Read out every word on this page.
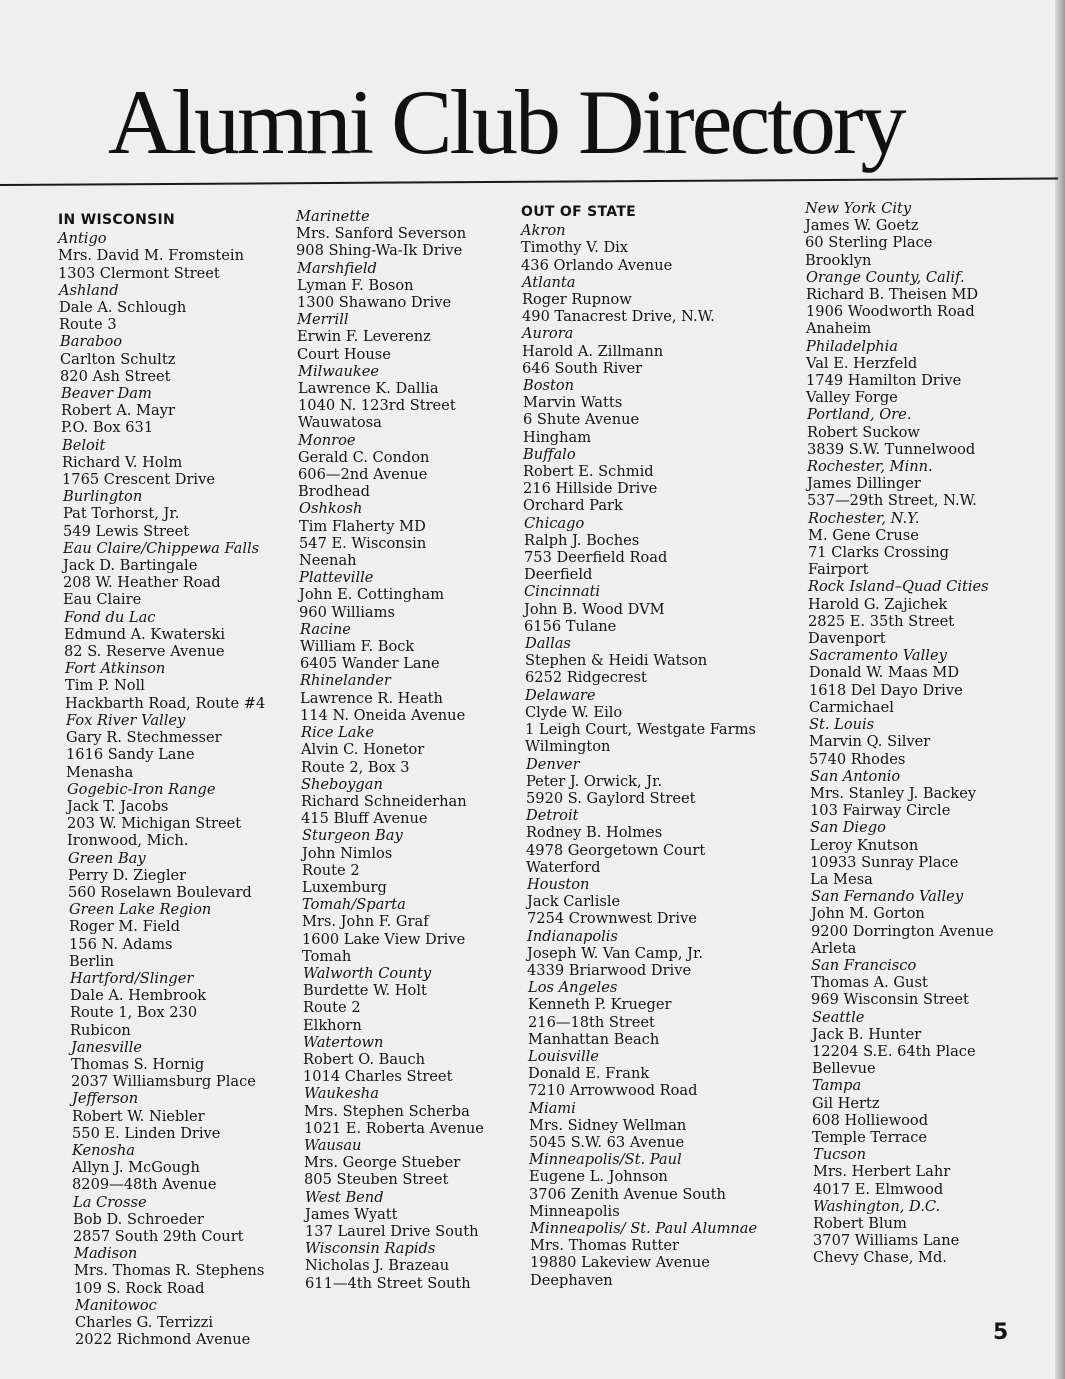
Alumni Club Directory
IN WISCONSIN
Antigo
Mrs. David M. Fromstein
1303 Clermont Street
Ashland
Dale A. Schlough
Route 3
Baraboo
Carlton Schultz
820 Ash Street
Beaver Dam
Robert A. Mayr
P.O. Box 631
Beloit
Richard V. Holm
1765 Crescent Drive
Burlington
Pat Torhorst, Jr.
549 Lewis Street
Eau Claire/Chippewa Falls
Jack D. Bartingale
208 W. Heather Road
Eau Claire
Fond du Lac
Edmund A. Kwaterski
82 S. Reserve Avenue
Fort Atkinson
Tim P. Noll
Hackbarth Road, Route #4
Fox River Valley
Gary R. Stechmesser
1616 Sandy Lane
Menasha
Gogebic-Iron Range
Jack T. Jacobs
203 W. Michigan Street
Ironwood, Mich.
Green Bay
Perry D. Ziegler
560 Roselawn Boulevard
Green Lake Region
Roger M. Field
156 N. Adams
Berlin
Hartford/Slinger
Dale A. Hembrook
Route 1, Box 230
Rubicon
Janesville
Thomas S. Hornig
2037 Williamsburg Place
Jefferson
Robert W. Niebler
550 E. Linden Drive
Kenosha
Allyn J. McGough
8209—48th Avenue
La Crosse
Bob D. Schroeder
2857 South 29th Court
Madison
Mrs. Thomas R. Stephens
109 S. Rock Road
Manitowoc
Charles G. Terrizzi
2022 Richmond Avenue
Marinette
Mrs. Sanford Severson
908 Shing-Wa-Ik Drive
Marshfield
Lyman F. Boson
1300 Shawano Drive
Merrill
Erwin F. Leverenz
Court House
Milwaukee
Lawrence K. Dallia
1040 N. 123rd Street
Wauwatosa
Monroe
Gerald C. Condon
606—2nd Avenue
Brodhead
Oshkosh
Tim Flaherty MD
547 E. Wisconsin
Neenah
Platteville
John E. Cottingham
960 Williams
Racine
William F. Bock
6405 Wander Lane
Rhinelander
Lawrence R. Heath
114 N. Oneida Avenue
Rice Lake
Alvin C. Honetor
Route 2, Box 3
Sheboygan
Richard Schneiderhan
415 Bluff Avenue
Sturgeon Bay
John Nimlos
Route 2
Luxemburg
Tomah/Sparta
Mrs. John F. Graf
1600 Lake View Drive
Tomah
Walworth County
Burdette W. Holt
Route 2
Elkhorn
Watertown
Robert O. Bauch
1014 Charles Street
Waukesha
Mrs. Stephen Scherba
1021 E. Roberta Avenue
Wausau
Mrs. George Stueber
805 Steuben Street
West Bend
James Wyatt
137 Laurel Drive South
Wisconsin Rapids
Nicholas J. Brazeau
611—4th Street South
OUT OF STATE
Akron
Timothy V. Dix
436 Orlando Avenue
Atlanta
Roger Rupnow
490 Tanacrest Drive, N.W.
Aurora
Harold A. Zillmann
646 South River
Boston
Marvin Watts
6 Shute Avenue
Hingham
Buffalo
Robert E. Schmid
216 Hillside Drive
Orchard Park
Chicago
Ralph J. Boches
753 Deerfield Road
Deerfield
Cincinnati
John B. Wood DVM
6156 Tulane
Dallas
Stephen & Heidi Watson
6252 Ridgecrest
Delaware
Clyde W. Eilo
1 Leigh Court, Westgate Farms
Wilmington
Denver
Peter J. Orwick, Jr.
5920 S. Gaylord Street
Detroit
Rodney B. Holmes
4978 Georgetown Court
Waterford
Houston
Jack Carlisle
7254 Crownwest Drive
Indianapolis
Joseph W. Van Camp, Jr.
4339 Briarwood Drive
Los Angeles
Kenneth P. Krueger
216—18th Street
Manhattan Beach
Louisville
Donald E. Frank
7210 Arrowwood Road
Miami
Mrs. Sidney Wellman
5045 S.W. 63 Avenue
Minneapolis/St. Paul
Eugene L. Johnson
3706 Zenith Avenue South
Minneapolis
Minneapolis/ St. Paul Alumnae
Mrs. Thomas Rutter
19880 Lakeview Avenue
Deephaven
New York City
James W. Goetz
60 Sterling Place
Brooklyn
Orange County, Calif.
Richard B. Theisen MD
1906 Woodworth Road
Anaheim
Philadelphia
Val E. Herzfeld
1749 Hamilton Drive
Valley Forge
Portland, Ore.
Robert Suckow
3839 S.W. Tunnelwood
Rochester, Minn.
James Dillinger
537—29th Street, N.W.
Rochester, N.Y.
M. Gene Cruse
71 Clarks Crossing
Fairport
Rock Island–Quad Cities
Harold G. Zajichek
2825 E. 35th Street
Davenport
Sacramento Valley
Donald W. Maas MD
1618 Del Dayo Drive
Carmichael
St. Louis
Marvin Q. Silver
5740 Rhodes
San Antonio
Mrs. Stanley J. Backey
103 Fairway Circle
San Diego
Leroy Knutson
10933 Sunray Place
La Mesa
San Fernando Valley
John M. Gorton
9200 Dorrington Avenue
Arleta
San Francisco
Thomas A. Gust
969 Wisconsin Street
Seattle
Jack B. Hunter
12204 S.E. 64th Place
Bellevue
Tampa
Gil Hertz
608 Holliewood
Temple Terrace
Tucson
Mrs. Herbert Lahr
4017 E. Elmwood
Washington, D.C.
Robert Blum
3707 Williams Lane
Chevy Chase, Md.
5
